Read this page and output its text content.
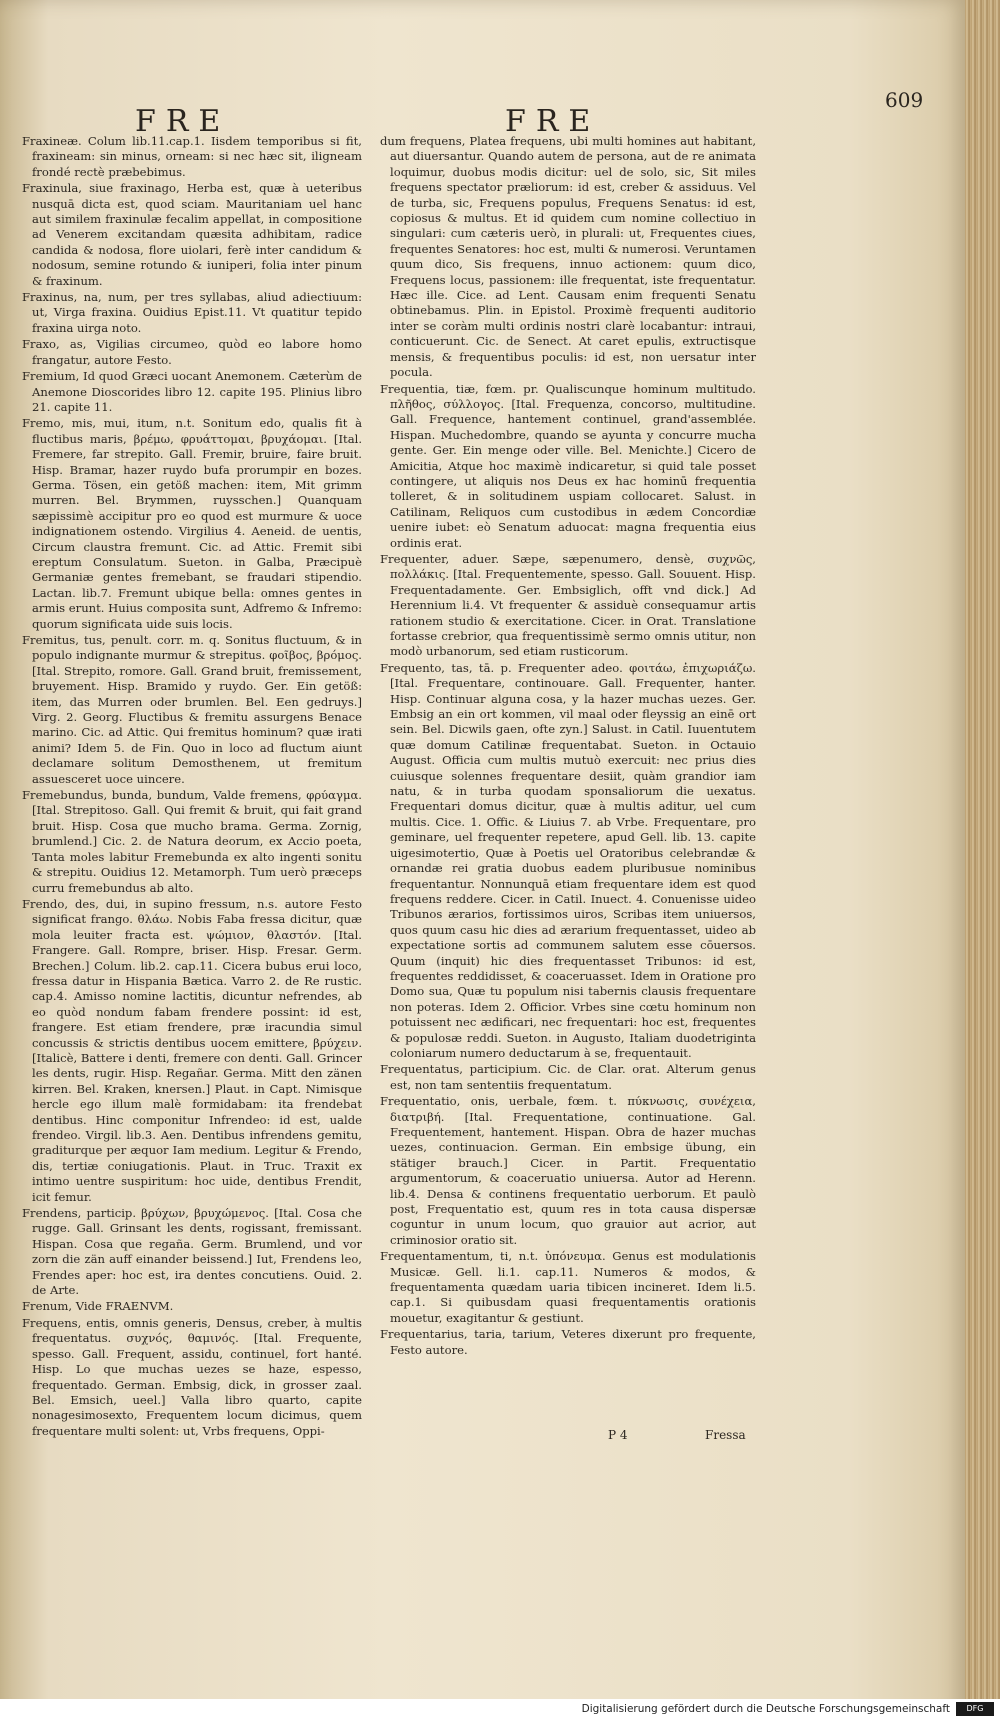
FRE	FRE
609

Fraxineæ. Colum lib.11.cap.1. Iisdem temporibus si fit, fraxineam: sin minus, orneam: si nec hæc sit, iligneam frondé rectè præbebimus.

Fraxinula, siue fraxinago, Herba est, quæ à ueteribus nusquā dicta est, quod sciam. Mauritaniam uel hanc aut similem fraxinulæ fecalim appellat, in compositione ad Venerem excitandam quæsita adhibitam, radice candida & nodosa, flore uiolari, ferè inter candidum & nodosum, semine rotundo & iuniperi, folia inter pinum & fraxinum.

Fraxinus, na, num, per tres syllabas, aliud adiectiuum: ut, Virga fraxina. Ouidius Epist.11. Vt quatitur tepido fraxina uirga noto.

Fraxo, as, Vigilias circumeo, quòd eo labore homo frangatur, autore Festo.

Fremium, Id quod Græci uocant Anemonem. Cæterùm de Anemone Dioscorides libro 12. capite 195. Plinius libro 21. capite 11.

Fremo, mis, mui, itum, n.t. Sonitum edo, qualis fit à fluctibus maris, βρέμω, φρυάττομαι, βρυχάομαι. [Ital. Fremere, far strepito. Gall. Fremir, bruire, faire bruit. Hisp. Bramar, hazer ruydo bufa prorumpir en bozes. Germa. Tösen, ein getöß machen: item, Mit grimm murren. Bel. Brymmen, ruysschen.] Quanquam sæpissimè accipitur pro eo quod est murmure & uoce indignationem ostendo. Virgilius 4. Aeneid. de uentis, Circum claustra fremunt. Cic. ad Attic. Fremit sibi ereptum Consulatum. Sueton. in Galba, Præcipuè Germaniæ gentes fremebant, se fraudari stipendio. Lactan. lib.7. Fremunt ubique bella: omnes gentes in armis erunt. Huius composita sunt, Adfremo & Infremo: quorum significata uide suis locis.

Fremitus, tus, penult. corr. m. q. Sonitus fluctuum, & in populo indignante murmur & strepitus. φοῖβος, βρόμος. [Ital. Strepito, romore. Gall. Grand bruit, fremissement, bruyement. Hisp. Bramido y ruydo. Ger. Ein getöß: item, das Murren oder brumlen. Bel. Een gedruys.] Virg. 2. Georg. Fluctibus & fremitu assurgens Benace marino. Cic. ad Attic. Qui fremitus hominum? quæ irati animi? Idem 5. de Fin. Quo in loco ad fluctum aiunt declamare solitum Demosthenem, ut fremitum assuesceret uoce uincere.

Fremebundus, bunda, bundum, Valde fremens, φρύαγμα. [Ital. Strepitoso. Gall. Qui fremit & bruit, qui fait grand bruit. Hisp. Cosa que mucho brama. Germa. Zornig, brumlend.] Cic. 2. de Natura deorum, ex Accio poeta, Tanta moles labitur Fremebunda ex alto ingenti sonitu & strepitu. Ouidius 12. Metamorph. Tum uerò præceps curru fremebundus ab alto.

Frendo, des, dui, in supino fressum, n.s. autore Festo significat frango. θλάω. Nobis Faba fressa dicitur, quæ mola leuiter fracta est. ψώμιον, θλαστόν. [Ital. Frangere. Gall. Rompre, briser. Hisp. Fresar. Germ. Brechen.] Colum. lib.2. cap.11. Cicera bubus erui loco, fressa datur in Hispania Bætica. Varro 2. de Re rustic. cap.4. Amisso nomine lactitis, dicuntur nefrendes, ab eo quòd nondum fabam frendere possint: id est, frangere. Est etiam frendere, præ iracundia simul concussis & strictis dentibus uocem emittere, βρύχειν. [Italicè, Battere i denti, fremere con denti. Gall. Grincer les dents, rugir. Hisp. Regañar. Germa. Mitt den zänen kirren. Bel. Kraken, knersen.] Plaut. in Capt. Nimisque hercle ego illum malè formidabam: ita frendebat dentibus. Hinc componitur Infrendeo: id est, ualde frendeo. Virgil. lib.3. Aen. Dentibus infrendens gemitu, graditurque per æquor Iam medium. Legitur & Frendo, dis, tertiæ coniugationis. Plaut. in Truc. Traxit ex intimo uentre suspiritum: hoc uide, dentibus Frendit, icit femur.

Frendens, particip. βρύχων, βρυχώμενος. [Ital. Cosa che rugge. Gall. Grinsant les dents, rogissant, fremissant. Hispan. Cosa que regaña. Germ. Brumlend, und vor zorn die zän auff einander beissend.] Iut, Frendens leo, Frendes aper: hoc est, ira dentes concutiens. Ouid. 2. de Arte.

Frenum, Vide FRAENVM.

Frequens, entis, omnis generis, Densus, creber, à multis frequentatus. συχνός, θαμινός. [Ital. Frequente, spesso. Gall. Frequent, assidu, continuel, fort hanté. Hisp. Lo que muchas uezes se haze, espesso, frequentado. German. Embsig, dick, in grosser zaal. Bel. Emsich, ueel.] Valla libro quarto, capite nonagesimosexto, Frequentem locum dicimus, quem frequentare multi solent: ut, Vrbs frequens, Oppi-

dum frequens, Platea frequens, ubi multi homines aut habitant, aut diuersantur. Quando autem de persona, aut de re animata loquimur, duobus modis dicitur: uel de solo, sic, Sit miles frequens spectator præliorum: id est, creber & assiduus. Vel de turba, sic, Frequens populus, Frequens Senatus: id est, copiosus & multus. Et id quidem cum nomine collectiuo in singulari: cum cæteris uerò, in plurali: ut, Frequentes ciues, frequentes Senatores: hoc est, multi & numerosi. Veruntamen quum dico, Sis frequens, innuo actionem: quum dico, Frequens locus, passionem: ille frequentat, iste frequentatur. Hæc ille. Cice. ad Lent. Causam enim frequenti Senatu obtinebamus. Plin. in Epistol. Proximè frequenti auditorio inter se coràm multi ordinis nostri clarè locabantur: intraui, conticuerunt. Cic. de Senect. At caret epulis, extructisque mensis, & frequentibus poculis: id est, non uersatur inter pocula.

Frequentia, tiæ, fœm. pr. Qualiscunque hominum multitudo. πλῆθος, σύλλογος. [Ital. Frequenza, concorso, multitudine. Gall. Frequence, hantement continuel, grand'assemblée. Hispan. Muchedombre, quando se ayunta y concurre mucha gente. Ger. Ein menge oder ville. Bel. Menichte.] Cicero de Amicitia, Atque hoc maximè indicaretur, si quid tale posset contingere, ut aliquis nos Deus ex hac hominū frequentia tolleret, & in solitudinem uspiam collocaret. Salust. in Catilinam, Reliquos cum custodibus in ædem Concordiæ uenire iubet: eò Senatum aduocat: magna frequentia eius ordinis erat.

Frequenter, aduer. Sæpe, sæpenumero, densè, συχνῶς, πολλάκις. [Ital. Frequentemente, spesso. Gall. Souuent. Hisp. Frequentadamente. Ger. Embsiglich, offt vnd dick.] Ad Herennium li.4. Vt frequenter & assiduè consequamur artis rationem studio & exercitatione. Cicer. in Orat. Translatione fortasse crebrior, qua frequentissimè sermo omnis utitur, non modò urbanorum, sed etiam rusticorum.

Frequento, tas, tā. p. Frequenter adeo. φοιτάω, ἐπιχωριάζω. [Ital. Frequentare, continouare. Gall. Frequenter, hanter. Hisp. Continuar alguna cosa, y la hazer muchas uezes. Ger. Embsig an ein ort kommen, vil maal oder fleyssig an einē ort sein. Bel. Dicwils gaen, ofte zyn.] Salust. in Catil. Iuuentutem quæ domum Catilinæ frequentabat. Sueton. in Octauio August. Officia cum multis mutuò exercuit: nec prius dies cuiusque solennes frequentare desiit, quàm grandior iam natu, & in turba quodam sponsaliorum die uexatus. Frequentari domus dicitur, quæ à multis aditur, uel cum multis. Cice. 1. Offic. & Liuius 7. ab Vrbe. Frequentare, pro geminare, uel frequenter repetere, apud Gell. lib. 13. capite uigesimotertio, Quæ à Poetis uel Oratoribus celebrandæ & ornandæ rei gratia duobus eadem pluribusue nominibus frequentantur. Nonnunquā etiam frequentare idem est quod frequens reddere. Cicer. in Catil. Inuect. 4. Conuenisse uideo Tribunos ærarios, fortissimos uiros, Scribas item uniuersos, quos quum casu hic dies ad ærarium frequentasset, uideo ab expectatione sortis ad communem salutem esse cōuersos. Quum (inquit) hic dies frequentasset Tribunos: id est, frequentes reddidisset, & coaceruasset. Idem in Oratione pro Domo sua, Quæ tu populum nisi tabernis clausis frequentare non poteras. Idem 2. Officior. Vrbes sine cœtu hominum non potuissent nec ædificari, nec frequentari: hoc est, frequentes & populosæ reddi. Sueton. in Augusto, Italiam duodetriginta coloniarum numero deductarum à se, frequentauit.

Frequentatus, participium. Cic. de Clar. orat. Alterum genus est, non tam sententiis frequentatum.

Frequentatio, onis, uerbale, fœm. t. πύκνωσις, συνέχεια, διατριβή. [Ital. Frequentatione, continuatione. Gal. Frequentement, hantement. Hispan. Obra de hazer muchas uezes, continuacion. German. Ein embsige übung, ein stätiger brauch.] Cicer. in Partit. Frequentatio argumentorum, & coaceruatio uniuersa. Autor ad Herenn. lib.4. Densa & continens frequentatio uerborum. Et paulò post, Frequentatio est, quum res in tota causa dispersæ coguntur in unum locum, quo grauior aut acrior, aut criminosior oratio sit.

Frequentamentum, ti, n.t. ὑπόνευμα. Genus est modulationis Musicæ. Gell. li.1. cap.11. Numeros & modos, & frequentamenta quædam uaria tibicen incineret. Idem li.5. cap.1. Si quibusdam quasi frequentamentis orationis mouetur, exagitantur & gestiunt.

Frequentarius, taria, tarium, Veteres dixerunt pro frequente, Festo autore.

P 4	Fressa
Digitalisierung gefördert durch die Deutsche Forschungsgemeinschaft	DFG
